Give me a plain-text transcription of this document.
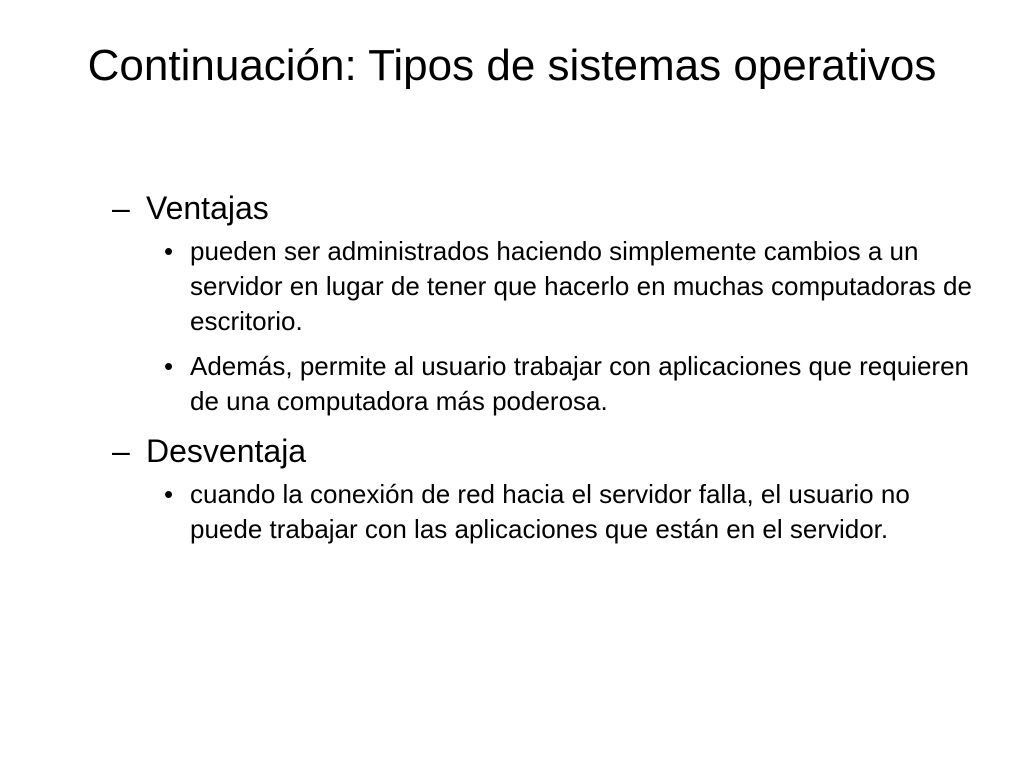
Continuación: Tipos de sistemas operativos
– Ventajas
• pueden ser administrados haciendo simplemente cambios a un servidor en lugar de tener que hacerlo en muchas computadoras de escritorio.
• Además, permite al usuario trabajar con aplicaciones que requieren de una computadora más poderosa.
– Desventaja
• cuando la conexión de red hacia el servidor falla, el usuario no puede trabajar con las aplicaciones que están en el servidor.
